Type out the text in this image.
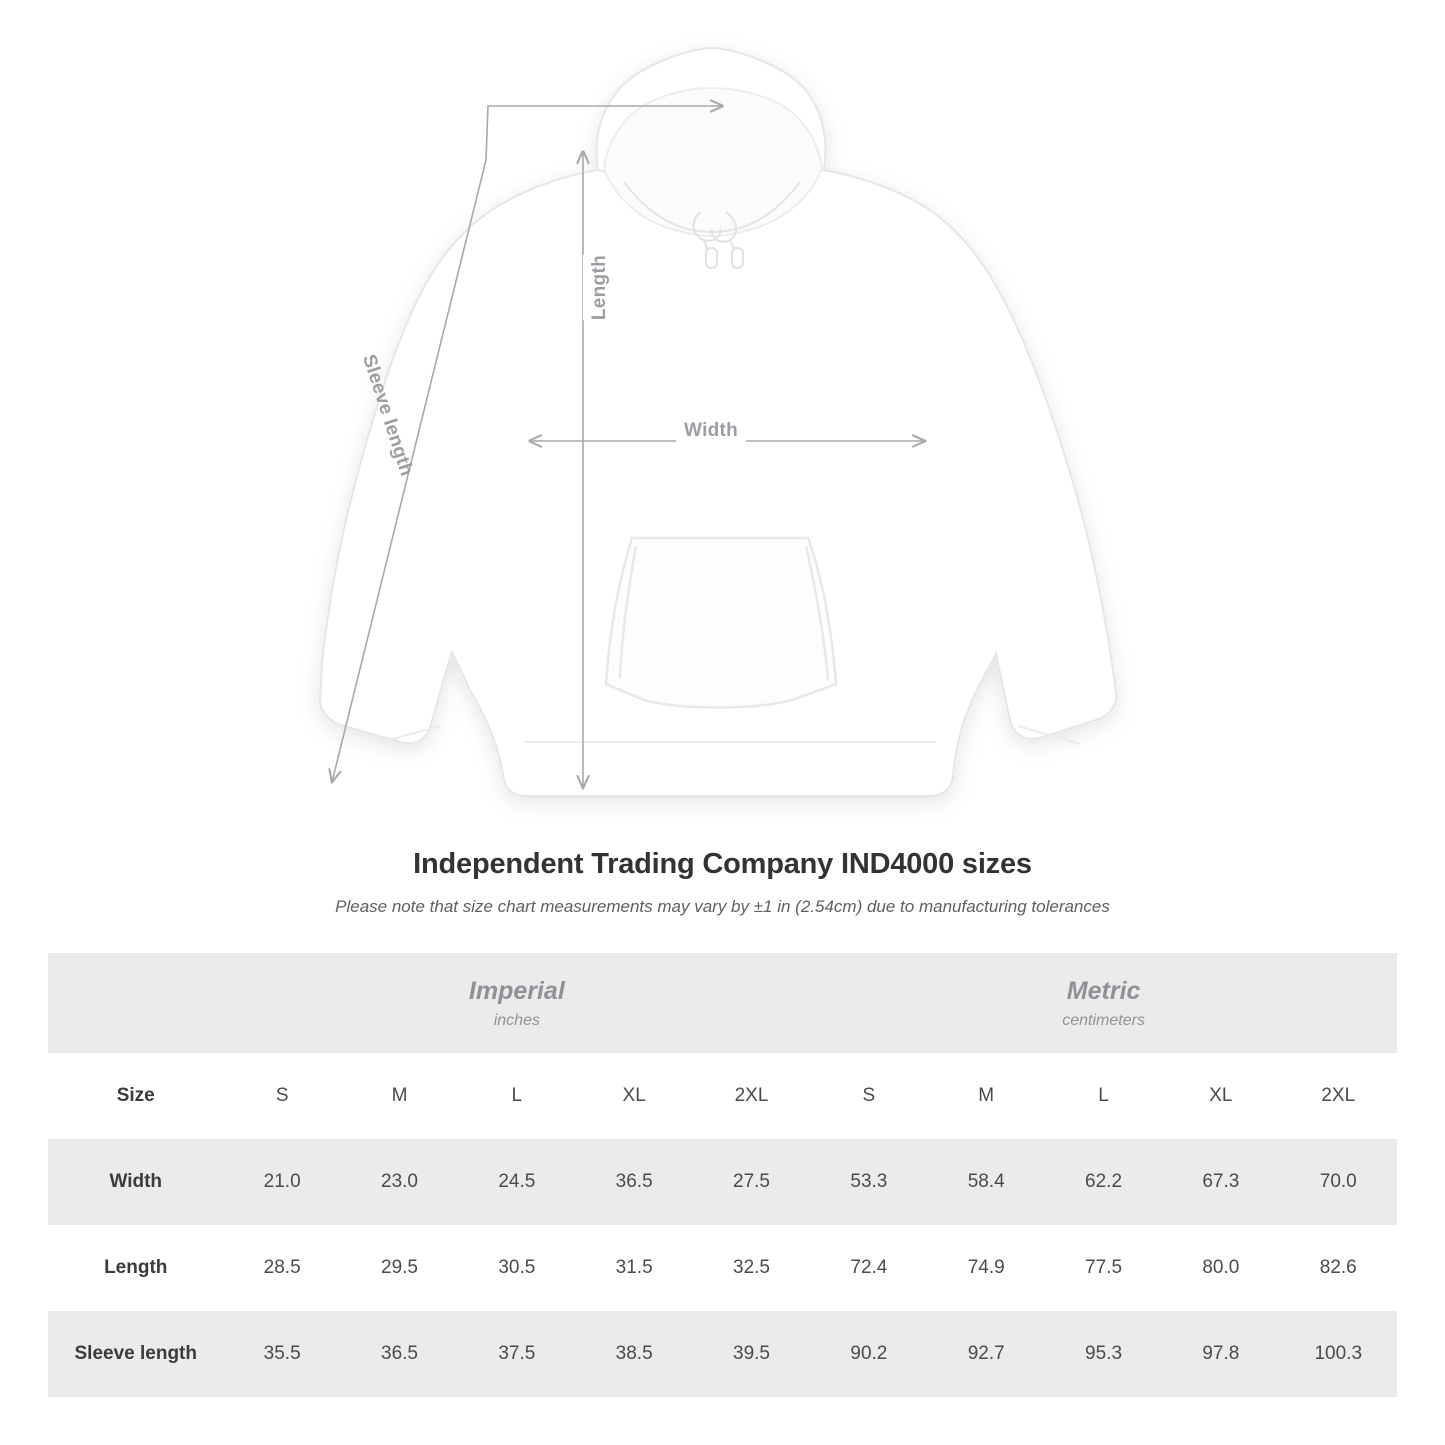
Width
Length
Sleeve length
Independent Trading Company IND4000 sizes
Please note that size chart measurements may vary by ±1 in (2.54cm) due to manufacturing tolerances

Imperial
inches

Metric
centimeters

Size	S	M	L	XL	2XL	S	M	L	XL	2XL
Width	21.0	23.0	24.5	36.5	27.5	53.3	58.4	62.2	67.3	70.0
Length	28.5	29.5	30.5	31.5	32.5	72.4	74.9	77.5	80.0	82.6
Sleeve length	35.5	36.5	37.5	38.5	39.5	90.2	92.7	95.3	97.8	100.3
